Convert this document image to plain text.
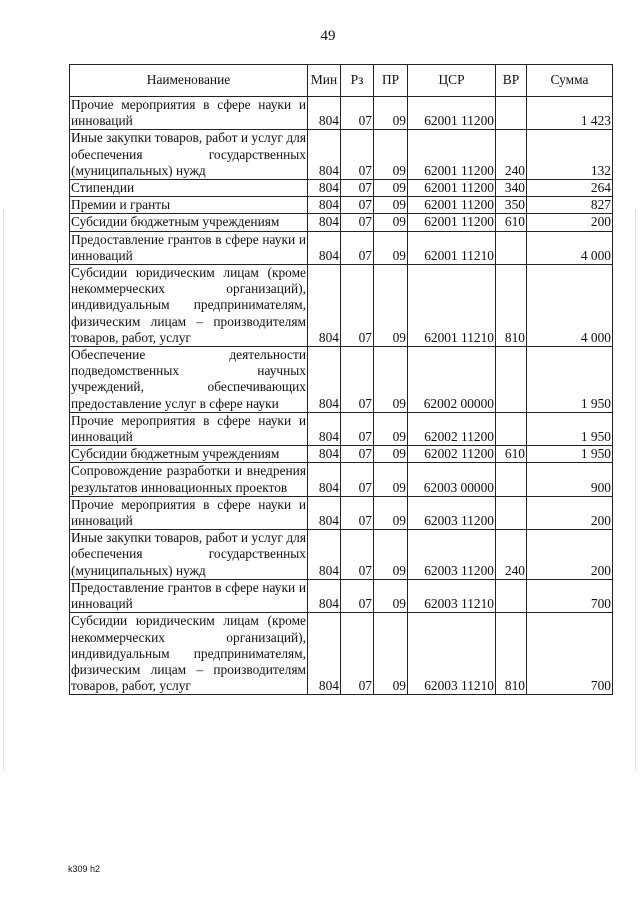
49
Наименование	Мин	Рз	ПР	ЦСР	ВР	Сумма
Прочие мероприятия в сфере науки и инноваций	804	07	09	62001 11200		1 423
Иные закупки товаров, работ и услуг для обеспечения государственных (муниципальных) нужд	804	07	09	62001 11200	240	132
Стипендии	804	07	09	62001 11200	340	264
Премии и гранты	804	07	09	62001 11200	350	827
Субсидии бюджетным учреждениям	804	07	09	62001 11200	610	200
Предоставление грантов в сфере науки и инноваций	804	07	09	62001 11210		4 000
Субсидии юридическим лицам (кроме некоммерческих организаций), индивидуальным предпринимателям, физическим лицам – производителям товаров, работ, услуг	804	07	09	62001 11210	810	4 000
Обеспечение деятельности подведомственных научных учреждений, обеспечивающих предоставление услуг в сфере науки	804	07	09	62002 00000		1 950
Прочие мероприятия в сфере науки и инноваций	804	07	09	62002 11200		1 950
Субсидии бюджетным учреждениям	804	07	09	62002 11200	610	1 950
Сопровождение разработки и внедрения результатов инновационных проектов	804	07	09	62003 00000		900
Прочие мероприятия в сфере науки и инноваций	804	07	09	62003 11200		200
Иные закупки товаров, работ и услуг для обеспечения государственных (муниципальных) нужд	804	07	09	62003 11200	240	200
Предоставление грантов в сфере науки и инноваций	804	07	09	62003 11210		700
Субсидии юридическим лицам (кроме некоммерческих организаций), индивидуальным предпринимателям, физическим лицам – производителям товаров, работ, услуг	804	07	09	62003 11210	810	700
k309 h2
